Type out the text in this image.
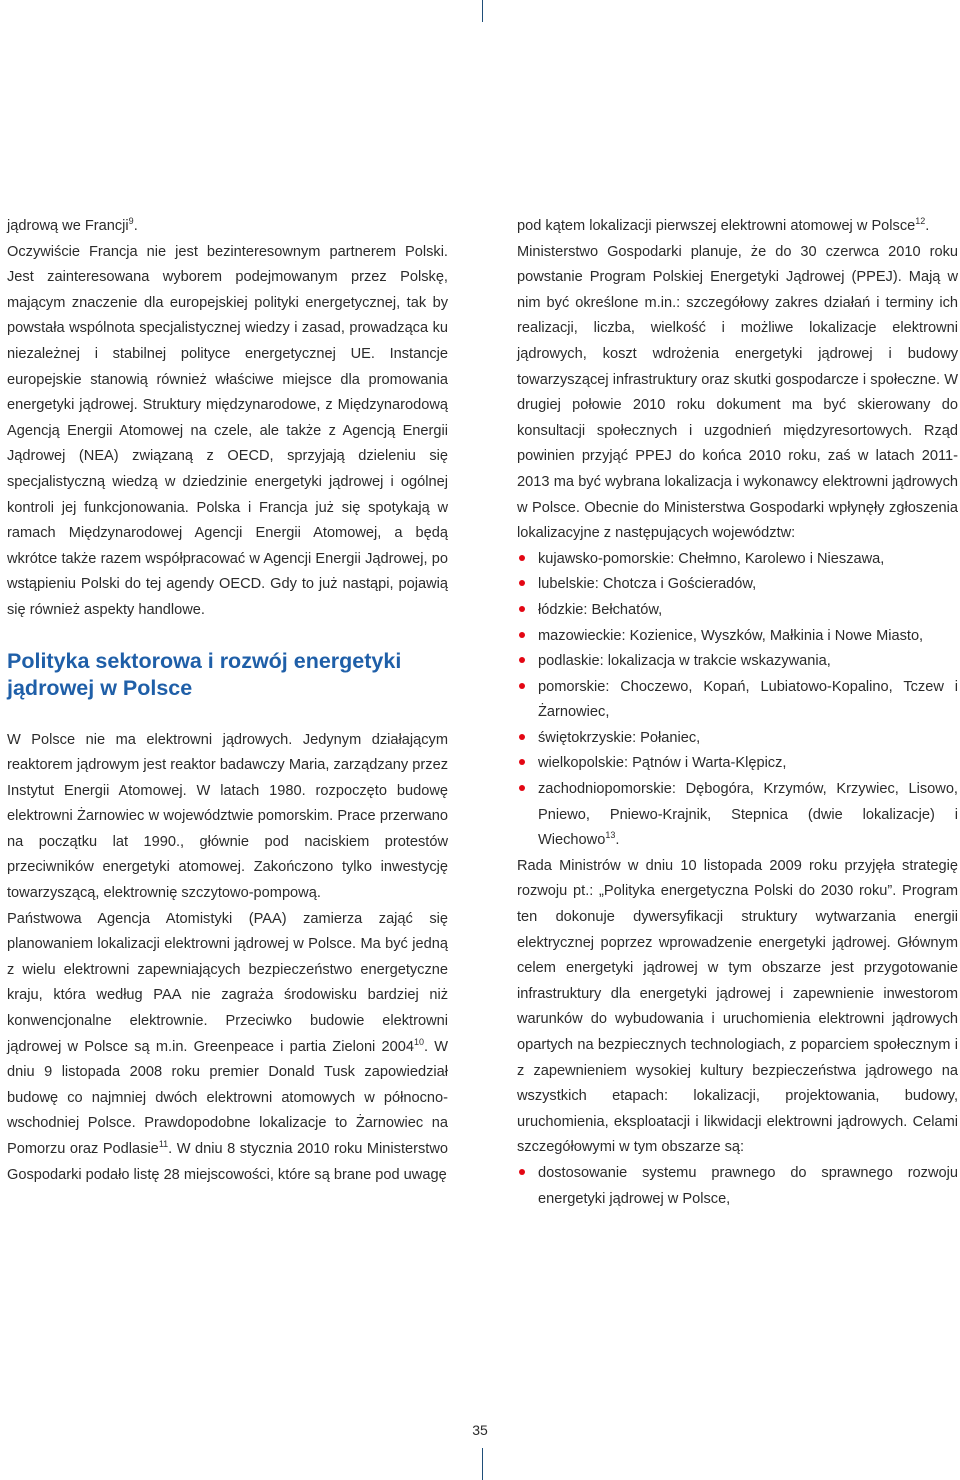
jądrową we Francji$^9$.

Oczywiście Francja nie jest bezinteresownym partnerem Polski. Jest zainteresowana wyborem podejmowanym przez Polskę, mającym znaczenie dla europejskiej polityki energetycznej, tak by powstała wspólnota specjalistycznej wiedzy i zasad, prowadząca ku niezależnej i stabilnej polityce energetycznej UE. Instancje europejskie stanowią również właściwe miejsce dla promowania energetyki jądrowej. Struktury międzynarodowe, z Międzynarodową Agencją Energii Atomowej na czele, ale także z Agencją Energii Jądrowej (NEA) związaną z OECD, sprzyjają dzieleniu się specjalistyczną wiedzą w dziedzinie energetyki jądrowej i ogólnej kontroli jej funkcjonowania. Polska i Francja już się spotykają w ramach Międzynarodowej Agencji Energii Atomowej, a będą wkrótce także razem współpracować w Agencji Energii Jądrowej, po wstąpieniu Polski do tej agendy OECD. Gdy to już nastąpi, pojawią się również aspekty handlowe.

Polityka sektorowa i rozwój energetyki jądrowej w Polsce

W Polsce nie ma elektrowni jądrowych. Jedynym działającym reaktorem jądrowym jest reaktor badawczy Maria, zarządzany przez Instytut Energii Atomowej. W latach 1980. rozpoczęto budowę elektrowni Żarnowiec w województwie pomorskim. Prace przerwano na początku lat 1990., głównie pod naciskiem protestów przeciwników energetyki atomowej. Zakończono tylko inwestycję towarzyszącą, elektrownię szczytowo-pompową.

Państwowa Agencja Atomistyki (PAA) zamierza zająć się planowaniem lokalizacji elektrowni jądrowej w Polsce. Ma być jedną z wielu elektrowni zapewniających bezpieczeństwo energetyczne kraju, która według PAA nie zagraża środowisku bardziej niż konwencjonalne elektrownie. Przeciwko budowie elektrowni jądrowej w Polsce są m.in. Greenpeace i partia Zieloni 2004$^{10}$. W dniu 9 listopada 2008 roku premier Donald Tusk zapowiedział budowę co najmniej dwóch elektrowni atomowych w północno-wschodniej Polsce. Prawdopodobne lokalizacje to Żarnowiec na Pomorzu oraz Podlasie$^{11}$. W dniu 8 stycznia 2010 roku Ministerstwo Gospodarki podało listę 28 miejscowości, które są brane pod uwagę

pod kątem lokalizacji pierwszej elektrowni atomowej w Polsce$^{12}$.

Ministerstwo Gospodarki planuje, że do 30 czerwca 2010 roku powstanie Program Polskiej Energetyki Jądrowej (PPEJ). Mają w nim być określone m.in.: szczegółowy zakres działań i terminy ich realizacji, liczba, wielkość i możliwe lokalizacje elektrowni jądrowych, koszt wdrożenia energetyki jądrowej i budowy towarzyszącej infrastruktury oraz skutki gospodarcze i społeczne. W drugiej połowie 2010 roku dokument ma być skierowany do konsultacji społecznych i uzgodnień międzyresortowych. Rząd powinien przyjąć PPEJ do końca 2010 roku, zaś w latach 2011-2013 ma być wybrana lokalizacja i wykonawcy elektrowni jądrowych w Polsce. Obecnie do Ministerstwa Gospodarki wpłynęły zgłoszenia lokalizacyjne z następujących województw:

kujawsko-pomorskie: Chełmno, Karolewo i Nieszawa,
lubelskie: Chotcza i Gościeradów,
łódzkie: Bełchatów,
mazowieckie: Kozienice, Wyszków, Małkinia i Nowe Miasto,
podlaskie: lokalizacja w trakcie wskazywania,
pomorskie: Choczewo, Kopań, Lubiatowo-Kopalino, Tczew i Żarnowiec,
świętokrzyskie: Połaniec,
wielkopolskie: Pątnów i Warta-Klępicz,
zachodniopomorskie: Dębogóra, Krzymów, Krzywiec, Lisowo, Pniewo, Pniewo-Krajnik, Stepnica (dwie lokalizacje) i Wiechowo$^{13}$.

Rada Ministrów w dniu 10 listopada 2009 roku przyjęła strategię rozwoju pt.: „Polityka energetyczna Polski do 2030 roku”. Program ten dokonuje dywersyfikacji struktury wytwarzania energii elektrycznej poprzez wprowadzenie energetyki jądrowej. Głównym celem energetyki jądrowej w tym obszarze jest przygotowanie infrastruktury dla energetyki jądrowej i zapewnienie inwestorom warunków do wybudowania i uruchomienia elektrowni jądrowych opartych na bezpiecznych technologiach, z poparciem społecznym i z zapewnieniem wysokiej kultury bezpieczeństwa jądrowego na wszystkich etapach: lokalizacji, projektowania, budowy, uruchomienia, eksploatacji i likwidacji elektrowni jądrowych. Celami szczegółowymi w tym obszarze są:

dostosowanie systemu prawnego do sprawnego rozwoju energetyki jądrowej w Polsce,
35
